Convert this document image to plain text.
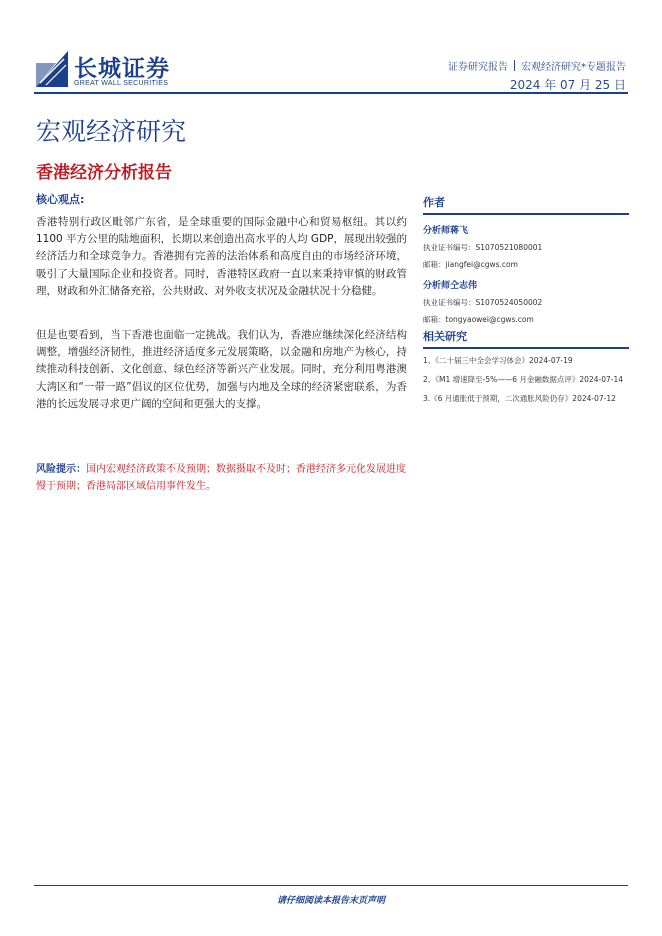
长城证券
GREAT WALL SECURITIES
证券研究报告 宏观经济研究*专题报告
2024 年 07 月 25 日
宏观经济研究
香港经济分析报告
核心观点:
香港特别行政区毗邻广东省，是全球重要的国际金融中心和贸易枢纽。其以约 1100 平方公里的陆地面积，长期以来创造出高水平的人均 GDP，展现出较强的经济活力和全球竞争力。香港拥有完善的法治体系和高度自由的市场经济环境，吸引了大量国际企业和投资者。同时，香港特区政府一直以来秉持审慎的财政管理，财政和外汇储备充裕，公共财政、对外收支状况及金融状况十分稳健。
但是也要看到，当下香港也面临一定挑战。我们认为，香港应继续深化经济结构调整，增强经济韧性，推进经济适度多元发展策略，以金融和房地产为核心，持续推动科技创新、文化创意、绿色经济等新兴产业发展。同时，充分利用粤港澳大湾区和“一带一路”倡议的区位优势，加强与内地及全球的经济紧密联系，为香港的长远发展寻求更广阔的空间和更强大的支撑。
风险提示：国内宏观经济政策不及预期；数据摄取不及时；香港经济多元化发展进度慢于预期；香港局部区域信用事件发生。
作者
分析师蒋飞
执业证书编号：S1070521080001
邮箱：jiangfei@cgws.com
分析师仝志伟
执业证书编号：S1070524050002
邮箱：tongyaowei@cgws.com
相关研究
1、《二十届三中全会学习体会》2024-07-19
2、《M1 增速降至-5%——6 月金融数据点评》2024-07-14
3.《6 月通胀低于预期，二次通胀风险仍存》2024-07-12
请仔细阅读本报告末页声明
